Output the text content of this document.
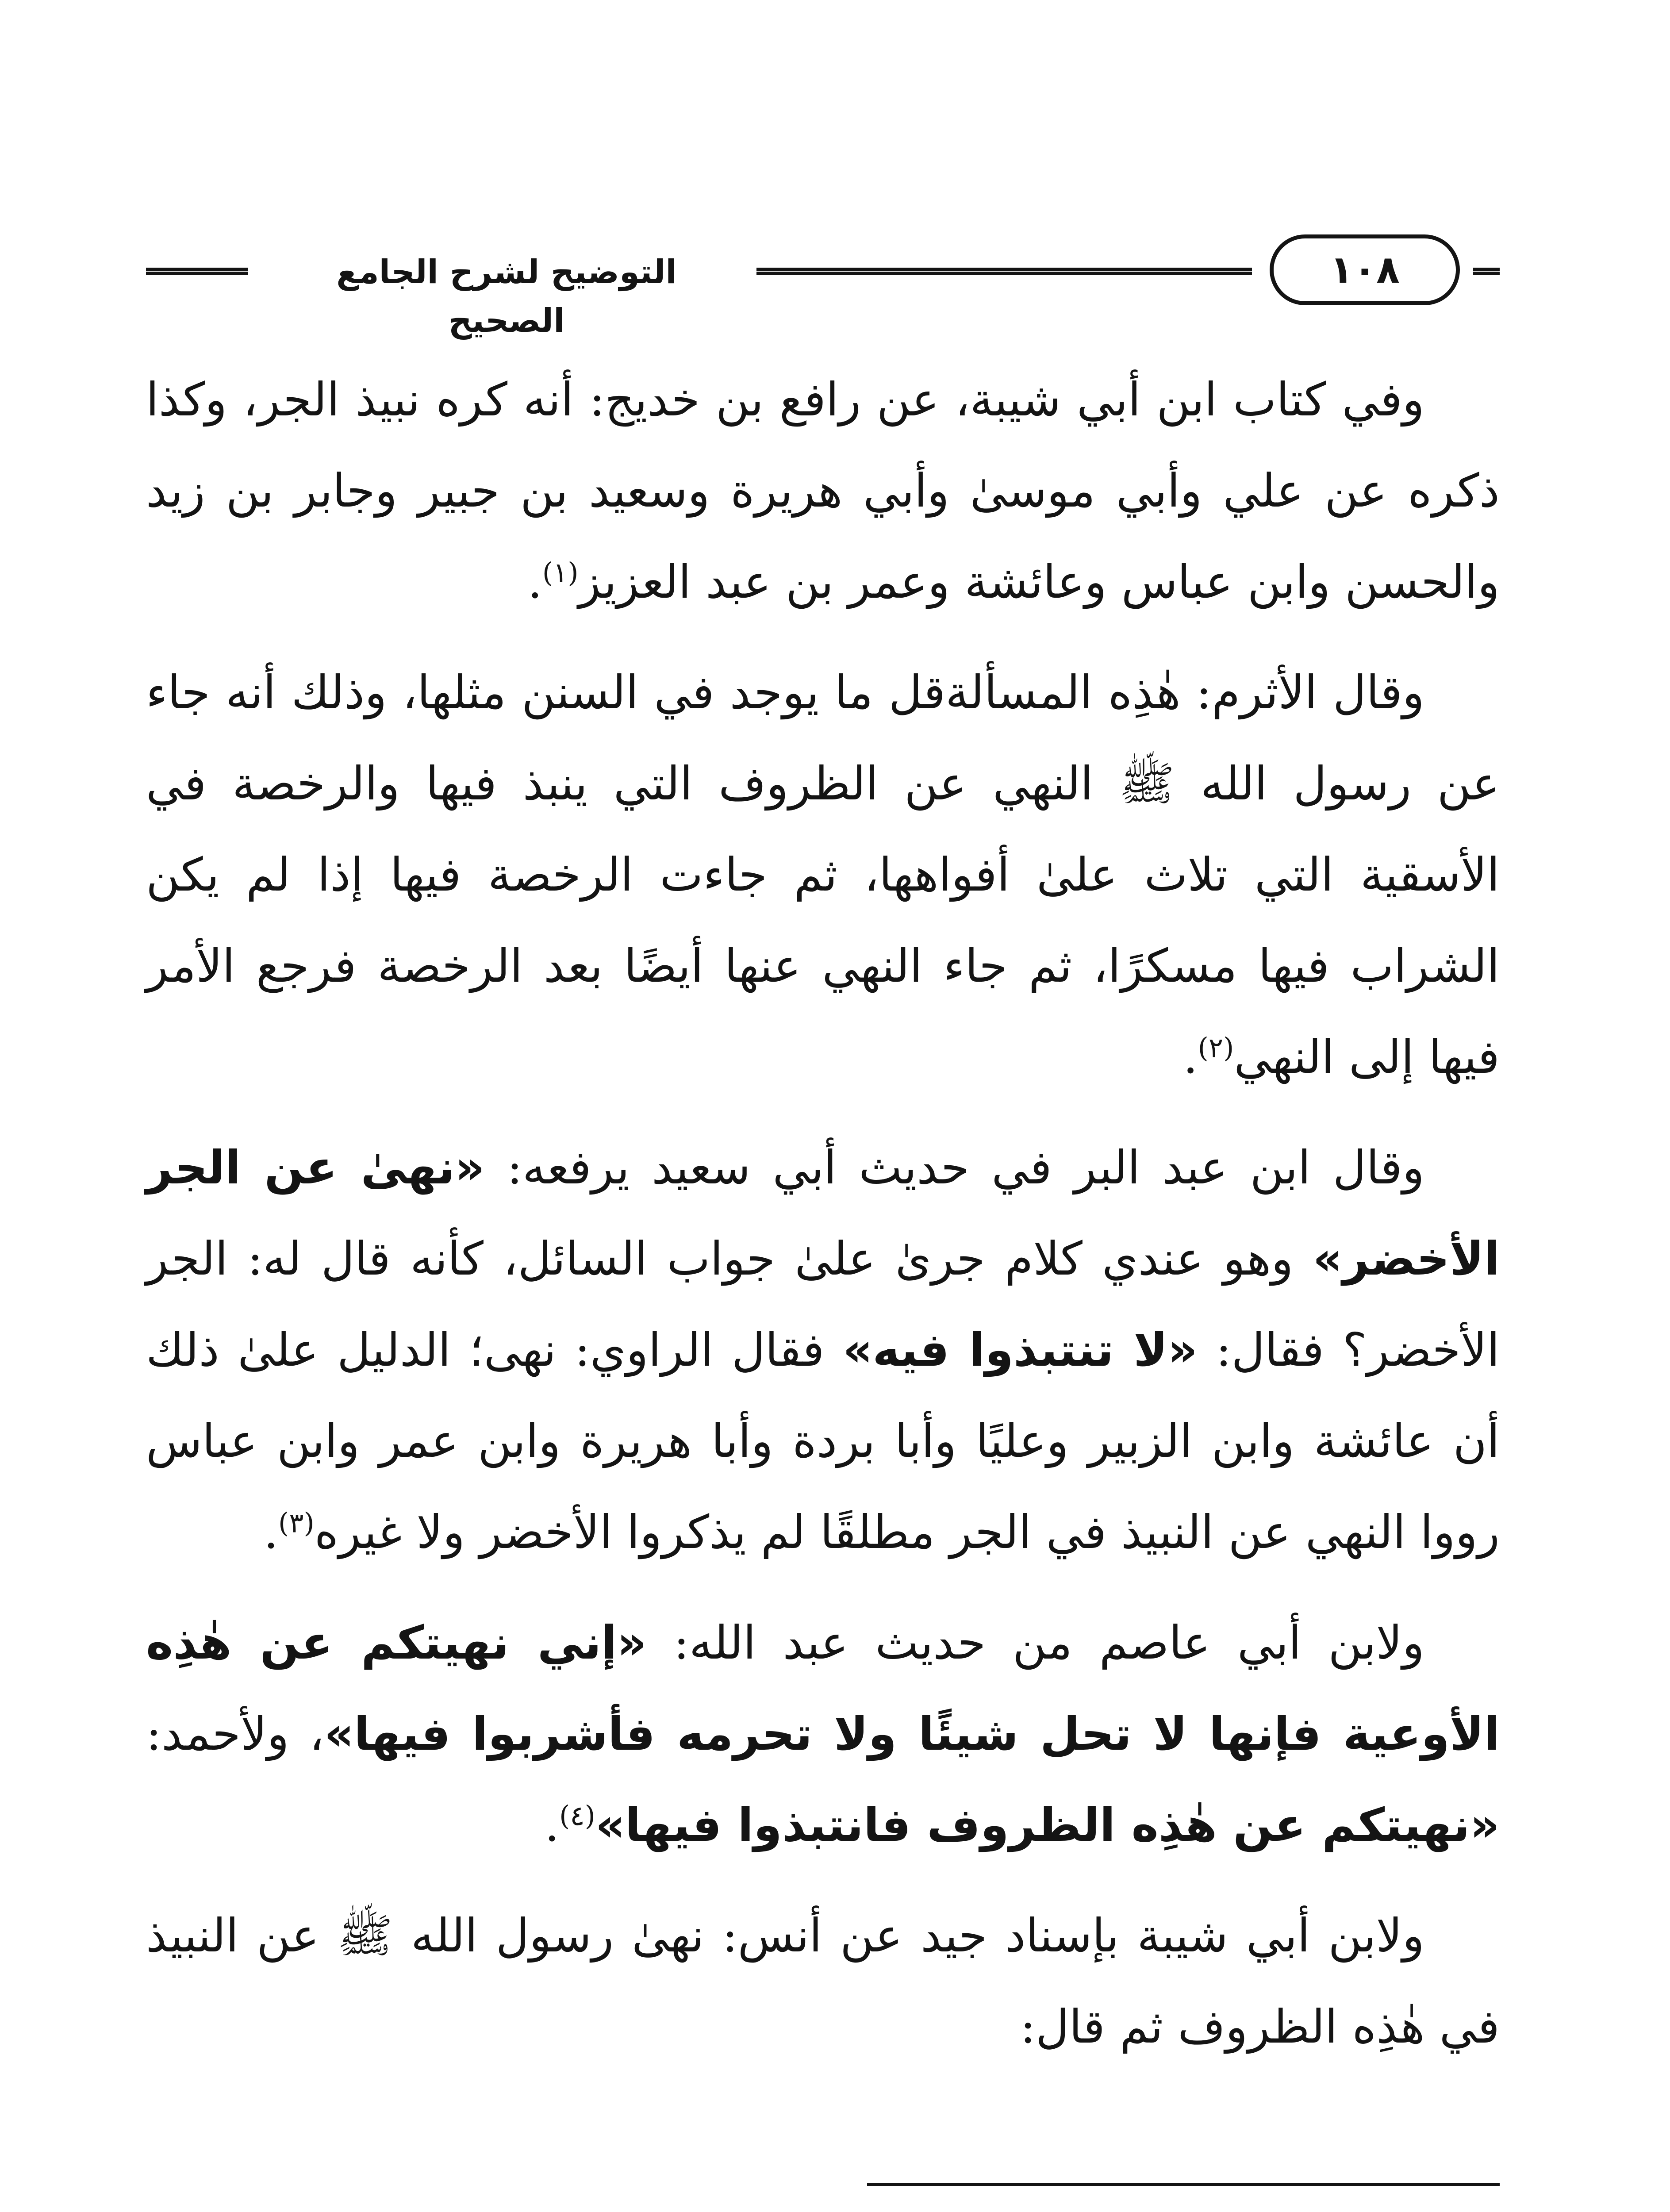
التوضيح لشرح الجامع الصحيح
١٠٨

وفي كتاب ابن أبي شيبة، عن رافع بن خديج: أنه كره نبيذ الجر، وكذا ذكره عن علي وأبي موسىٰ وأبي هريرة وسعيد بن جبير وجابر بن زيد والحسن وابن عباس وعائشة وعمر بن عبد العزيز$^{(١)}$.

وقال الأثرم: هٰذِه المسألةقل ما يوجد في السنن مثلها، وذلك أنه جاء عن رسول الله ﷺ النهي عن الظروف التي ينبذ فيها والرخصة في الأسقية التي تلاث علىٰ أفواهها، ثم جاءت الرخصة فيها إذا لم يكن الشراب فيها مسكرًا، ثم جاء النهي عنها أيضًا بعد الرخصة فرجع الأمر فيها إلى النهي$^{(٢)}$.

وقال ابن عبد البر في حديث أبي سعيد يرفعه: «نهىٰ عن الجر الأخضر» وهو عندي كلام جرىٰ علىٰ جواب السائل، كأنه قال له: الجر الأخضر؟ فقال: «لا تنتبذوا فيه» فقال الراوي: نهى؛ الدليل علىٰ ذلك أن عائشة وابن الزبير وعليًا وأبا بردة وأبا هريرة وابن عمر وابن عباس رووا النهي عن النبيذ في الجر مطلقًا لم يذكروا الأخضر ولا غيره$^{(٣)}$.

ولابن أبي عاصم من حديث عبد الله: «إني نهيتكم عن هٰذِه الأوعية فإنها لا تحل شيئًا ولا تحرمه فأشربوا فيها»، ولأحمد: «نهيتكم عن هٰذِه الظروف فانتبذوا فيها»$^{(٤)}$.

ولابن أبي شيبة بإسناد جيد عن أنس: نهىٰ رسول الله ﷺ عن النبيذ في هٰذِه الظروف ثم قال:
